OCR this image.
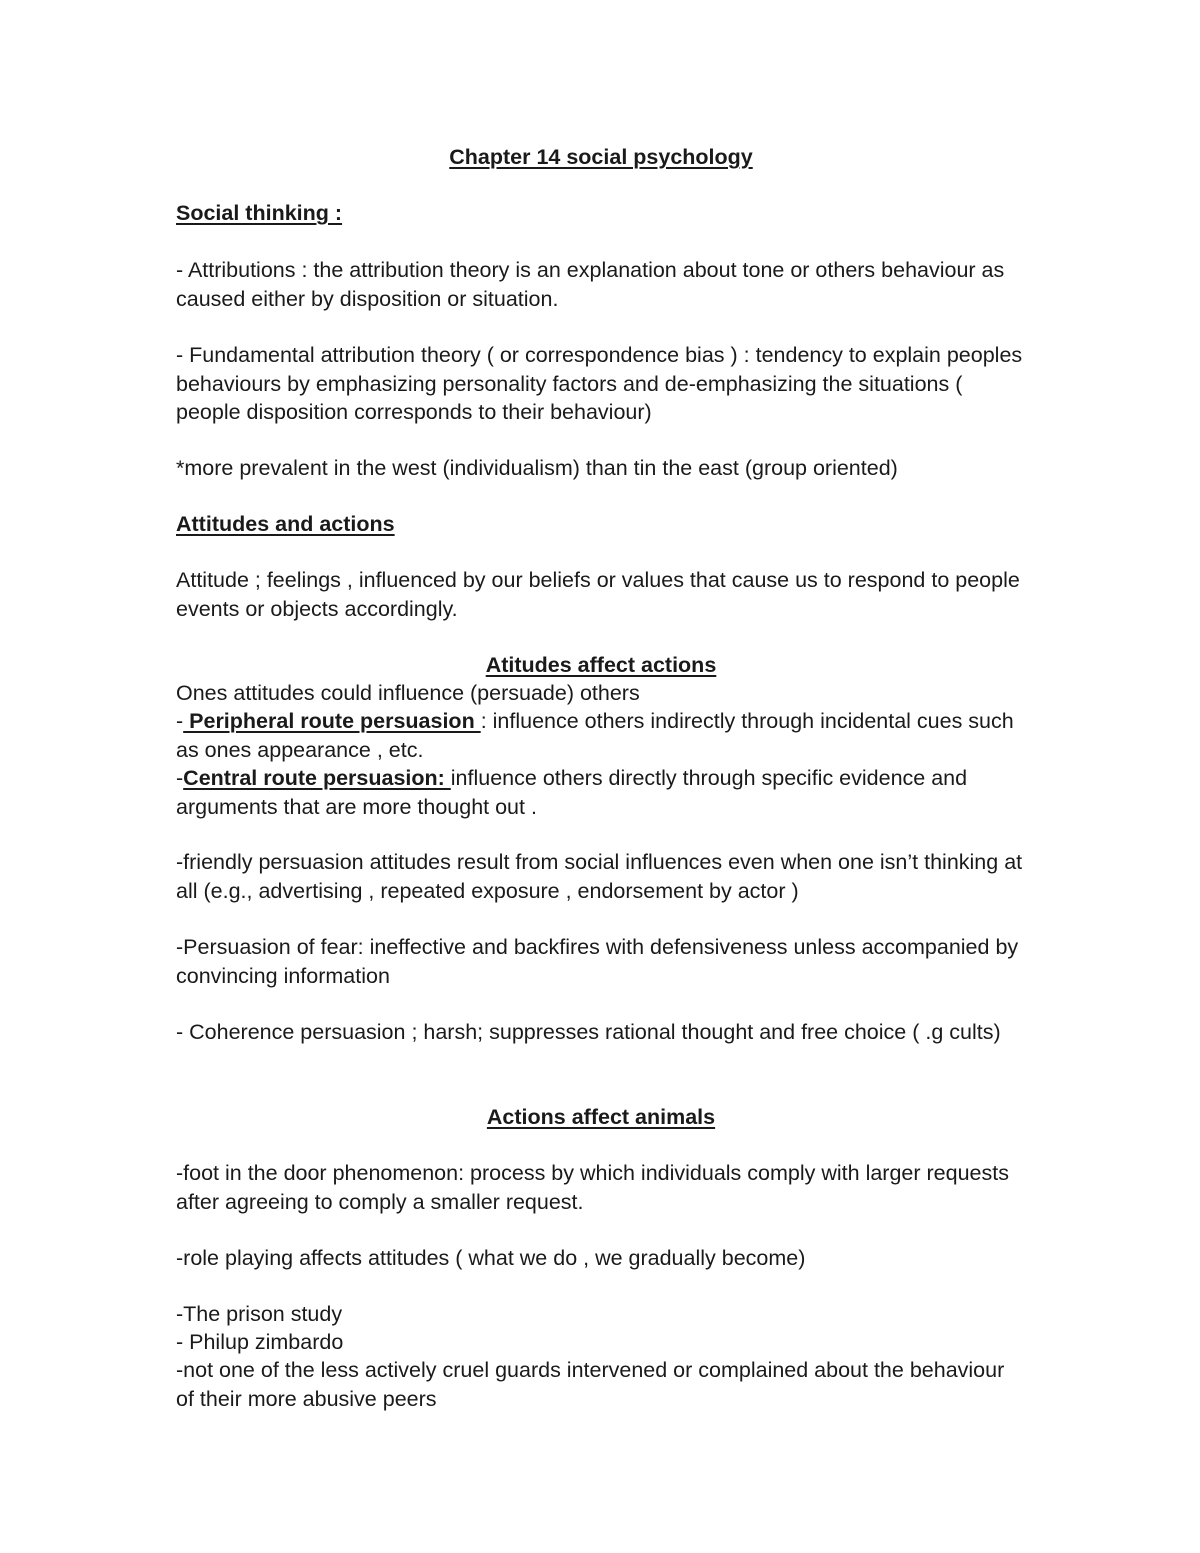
Chapter 14 social psychology

Social thinking :

- Attributions : the attribution theory is an explanation about tone or others behaviour as caused either by disposition or situation.

- Fundamental attribution theory ( or correspondence bias ) : tendency to explain peoples behaviours by emphasizing personality factors and de-emphasizing the situations ( people disposition corresponds to their behaviour)

*more prevalent in the west (individualism) than tin the east (group oriented)

Attitudes and actions

Attitude ; feelings , influenced by our beliefs or values that cause us to respond to people events or objects accordingly.

Atitudes affect actions

Ones attitudes could influence (persuade) others

- Peripheral route persuasion : influence others indirectly through incidental cues such as ones appearance , etc.

-Central route persuasion: influence others directly through specific evidence and arguments that are more thought out .

-friendly persuasion attitudes result from social influences even when one isn’t thinking at all (e.g., advertising , repeated exposure , endorsement by actor )

-Persuasion of fear: ineffective and backfires with defensiveness unless accompanied by convincing information

- Coherence persuasion ; harsh; suppresses rational thought and free choice ( .g cults)

Actions affect animals

-foot in the door phenomenon: process by which individuals comply with larger requests after agreeing to comply a smaller request.

-role playing affects attitudes ( what we do , we gradually become)

-The prison study

- Philup zimbardo

-not one of the less actively cruel guards intervened or complained about the behaviour of their more abusive peers
